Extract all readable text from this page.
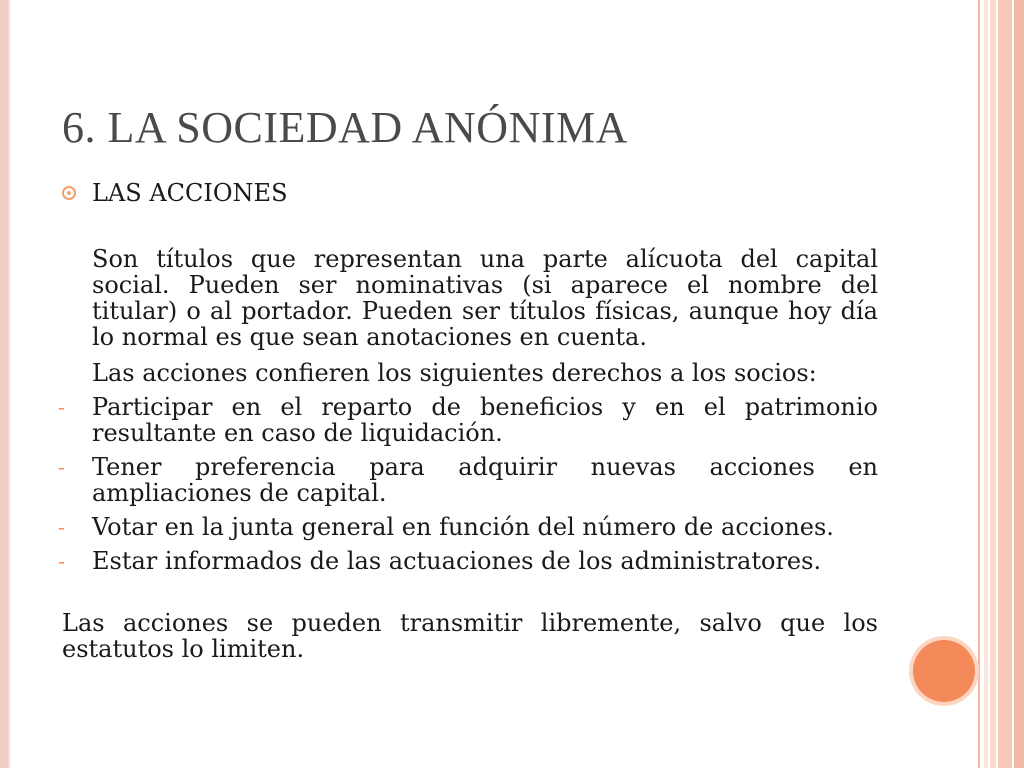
6. LA SOCIEDAD ANÓNIMA

LAS ACCIONES

Son títulos que representan una parte alícuota del capital social. Pueden ser nominativas (si aparece el nombre del titular) o al portador. Pueden ser títulos físicas, aunque hoy día lo normal es que sean anotaciones en cuenta.

Las acciones confieren los siguientes derechos a los socios:

- Participar en el reparto de beneficios y en el patrimonio resultante en caso de liquidación.
- Tener preferencia para adquirir nuevas acciones en ampliaciones de capital.
- Votar en la junta general en función del número de acciones.
- Estar informados de las actuaciones de los administratores.

Las acciones se pueden transmitir libremente, salvo que los estatutos lo limiten.
